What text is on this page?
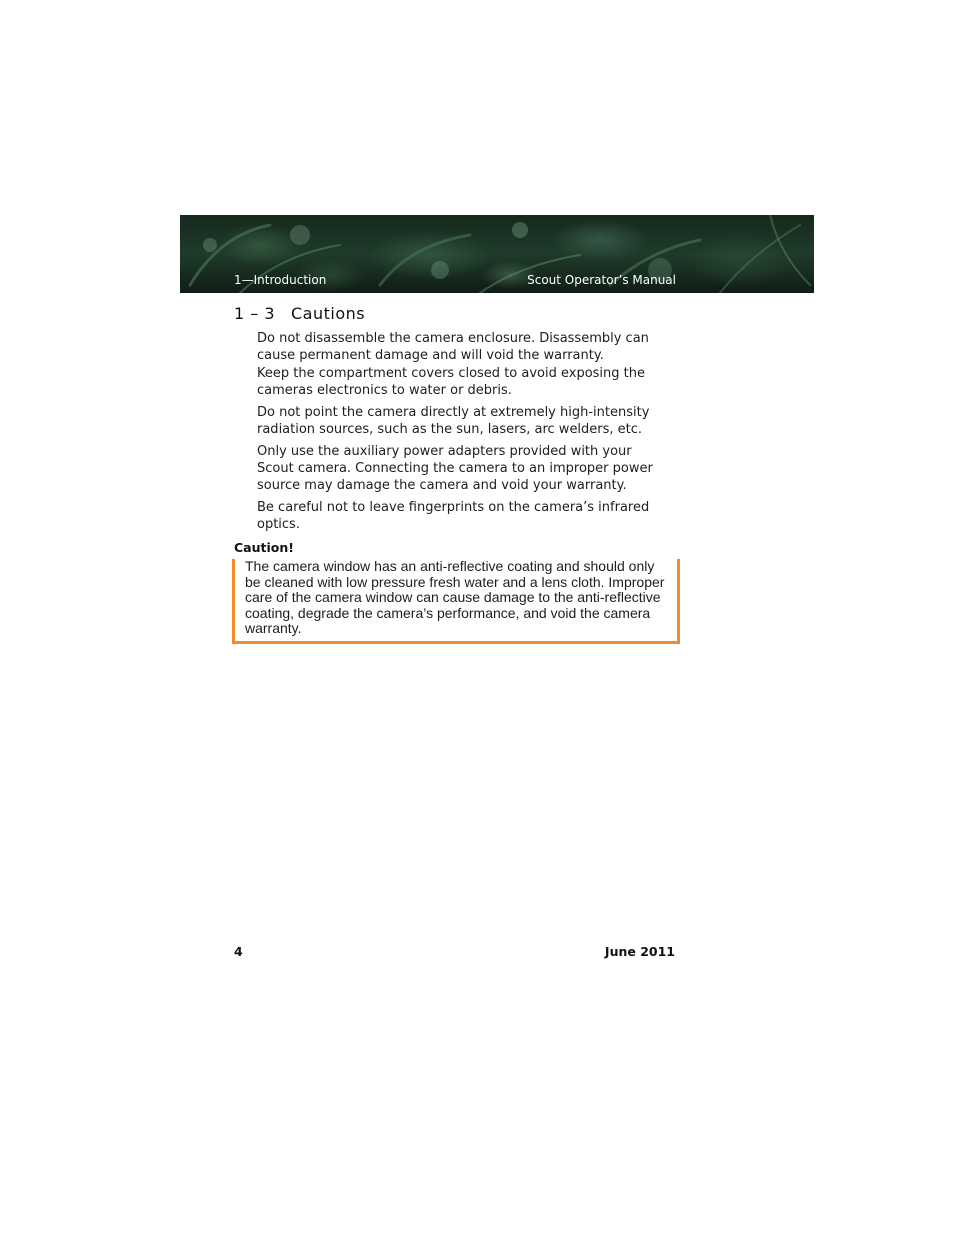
1—Introduction	Scout Operator’s Manual
1 – 3 Cautions

Do not disassemble the camera enclosure. Disassembly can cause permanent damage and will void the warranty.

Keep the compartment covers closed to avoid exposing the cameras electronics to water or debris.

Do not point the camera directly at extremely high-intensity radiation sources, such as the sun, lasers, arc welders, etc.

Only use the auxiliary power adapters provided with your Scout camera. Connecting the camera to an improper power source may damage the camera and void your warranty.

Be careful not to leave fingerprints on the camera’s infrared optics.

Caution!
The camera window has an anti-reflective coating and should only be cleaned with low pressure fresh water and a lens cloth. Improper care of the camera window can cause damage to the anti-reflective coating, degrade the camera’s performance, and void the camera warranty.
4	June 2011
